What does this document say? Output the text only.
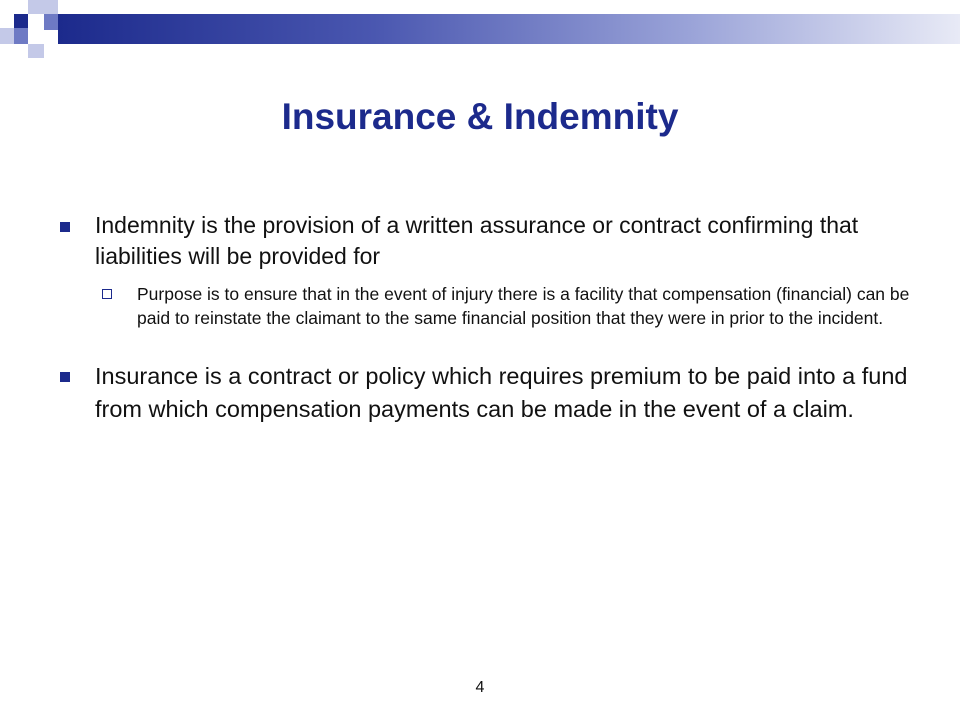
Insurance & Indemnity
Indemnity is the provision of a written assurance or contract confirming that liabilities will be provided for
Purpose is to ensure that in the event of injury there is a facility that compensation (financial) can be paid to reinstate the claimant to the same financial position that they were in prior to the incident.
Insurance is a contract or policy which requires premium to be paid into a fund from which compensation payments can be made in the event of a claim.
4
